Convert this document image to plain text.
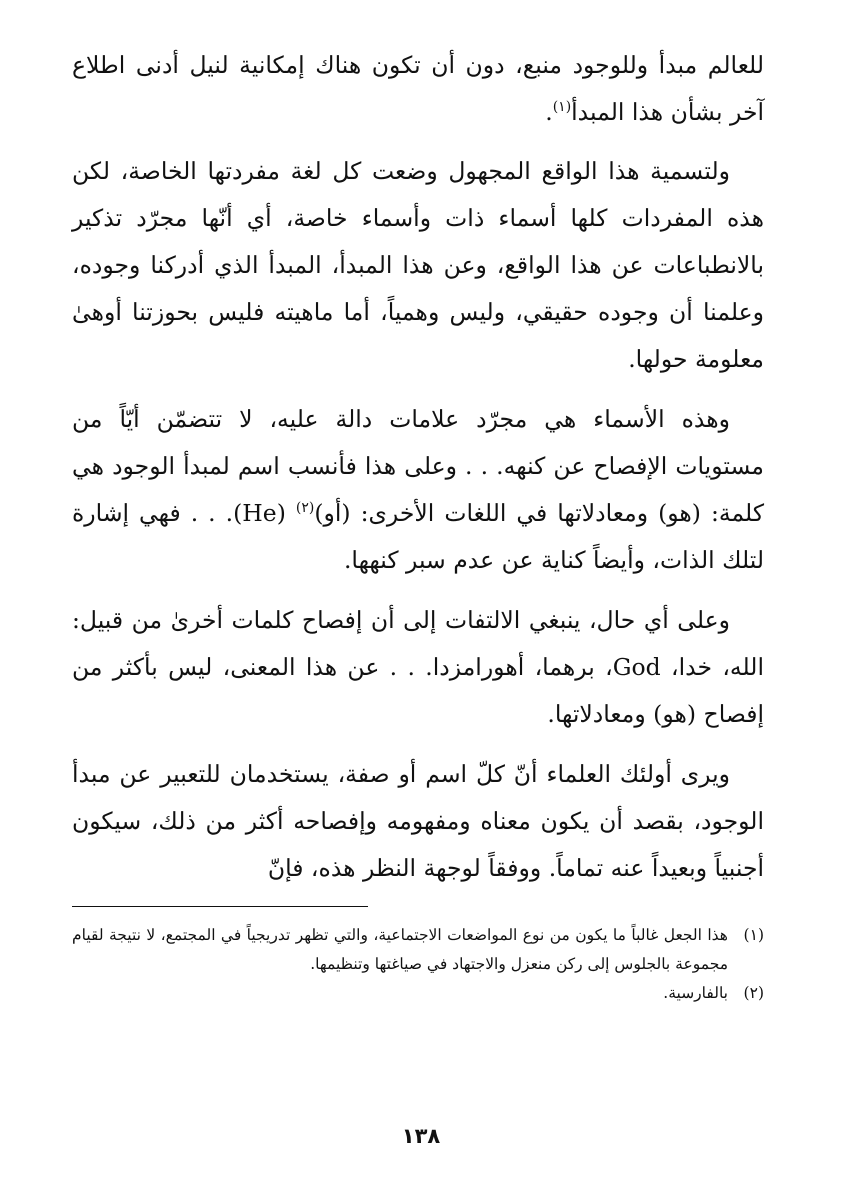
للعالم مبدأ وللوجود منبع، دون أن تكون هناك إمكانية لنيل أدنى اطلاع آخر بشأن هذا المبدأ$^{(١)}$.

ولتسمية هذا الواقع المجهول وضعت كل لغة مفردتها الخاصة، لكن هذه المفردات كلها أسماء ذات وأسماء خاصة، أي أنّها مجرّد تذكير بالانطباعات عن هذا الواقع، وعن هذا المبدأ، المبدأ الذي أدركنا وجوده، وعلمنا أن وجوده حقيقي، وليس وهمياً، أما ماهيته فليس بحوزتنا أوهىٰ معلومة حولها.

وهذه الأسماء هي مجرّد علامات دالة عليه، لا تتضمّن أيّاً من مستويات الإفصاح عن كنهه. . . وعلى هذا فأنسب اسم لمبدأ الوجود هي كلمة: (هو) ومعادلاتها في اللغات الأخرى: (أو)$^{(٢)}$ (He). . . فهي إشارة لتلك الذات، وأيضاً كناية عن عدم سبر كنهها.

وعلى أي حال، ينبغي الالتفات إلى أن إفصاح كلمات أخرىٰ من قبيل: الله، خدا، God، برهما، أهورامزدا. . . عن هذا المعنى، ليس بأكثر من إفصاح (هو) ومعادلاتها.

ويرى أولئك العلماء أنّ كلّ اسم أو صفة، يستخدمان للتعبير عن مبدأ الوجود، بقصد أن يكون معناه ومفهومه وإفصاحه أكثر من ذلك، سيكون أجنبياً وبعيداً عنه تماماً. ووفقاً لوجهة النظر هذه، فإنّ

(١)
هذا الجعل غالباً ما يكون من نوع المواضعات الاجتماعية، والتي تظهر تدريجياً في المجتمع، لا نتيجة لقيام مجموعة بالجلوس إلى ركن منعزل والاجتهاد في صياغتها وتنظيمها.
(٢)
بالفارسية.
١٣٨
